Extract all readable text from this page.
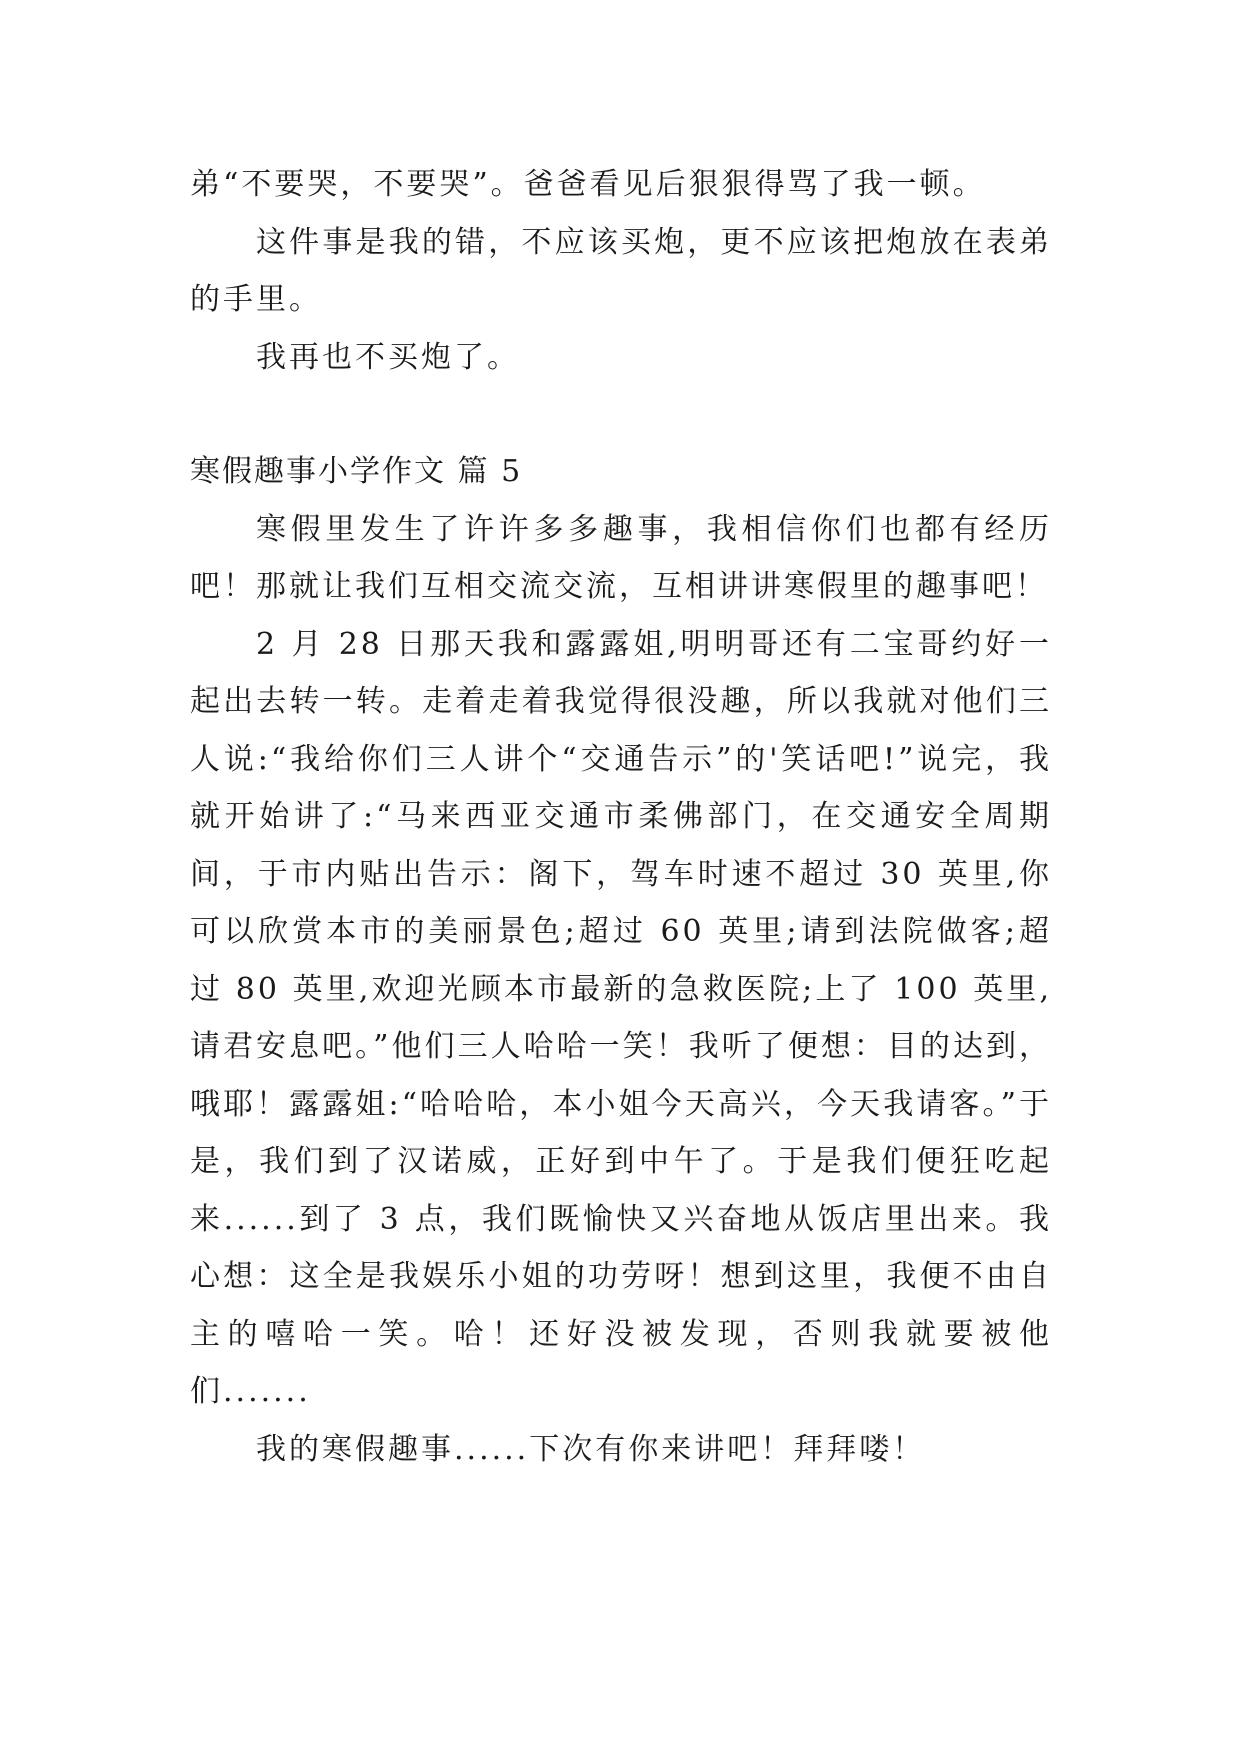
弟“不要哭，不要哭”。爸爸看见后狠狠得骂了我一顿。

这件事是我的错，不应该买炮，更不应该把炮放在表弟的手里。

我再也不买炮了。

寒假趣事小学作文 篇 5

寒假里发生了许许多多趣事，我相信你们也都有经历吧！那就让我们互相交流交流，互相讲讲寒假里的趣事吧！

2 月 28 日那天我和露露姐,明明哥还有二宝哥约好一起出去转一转。走着走着我觉得很没趣，所以我就对他们三人说:“我给你们三人讲个“交通告示”的'笑话吧!”说完，我就开始讲了:“马来西亚交通市柔佛部门，在交通安全周期间，于市内贴出告示：阁下，驾车时速不超过 30 英里,你可以欣赏本市的美丽景色;超过 60 英里;请到法院做客;超过 80 英里,欢迎光顾本市最新的急救医院;上了 100 英里,请君安息吧。”他们三人哈哈一笑！我听了便想：目的达到，哦耶！露露姐:“哈哈哈，本小姐今天高兴，今天我请客。”于是，我们到了汉诺威，正好到中午了。于是我们便狂吃起来......到了 3 点，我们既愉快又兴奋地从饭店里出来。我心想：这全是我娱乐小姐的功劳呀！想到这里，我便不由自主的嘻哈一笑。哈！还好没被发现，否则我就要被他们.......

我的寒假趣事......下次有你来讲吧！拜拜喽！
